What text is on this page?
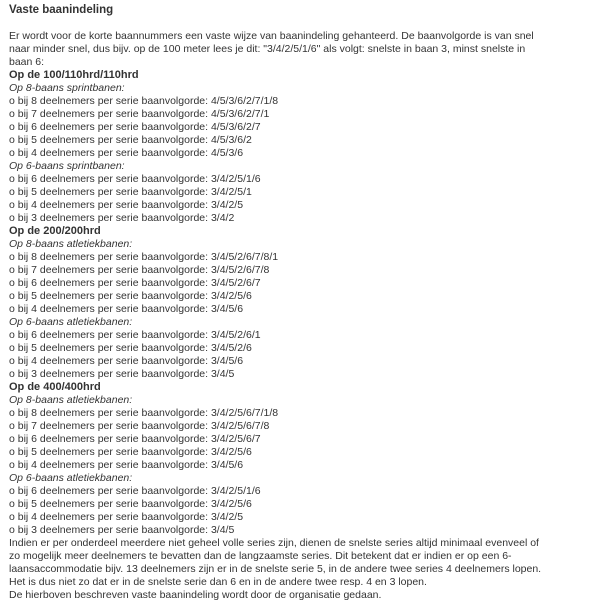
Vaste baanindeling
Er wordt voor de korte baannummers een vaste wijze van baanindeling gehanteerd. De baanvolgorde is van snel
naar minder snel, dus bijv. op de 100 meter lees je dit: "3/4/2/5/1/6" als volgt: snelste in baan 3, minst snelste in
baan 6:
Op de 100/110hrd/110hrd
Op 8-baans sprintbanen:
o bij 8 deelnemers per serie baanvolgorde: 4/5/3/6/2/7/1/8
o bij 7 deelnemers per serie baanvolgorde: 4/5/3/6/2/7/1
o bij 6 deelnemers per serie baanvolgorde: 4/5/3/6/2/7
o bij 5 deelnemers per serie baanvolgorde: 4/5/3/6/2
o bij 4 deelnemers per serie baanvolgorde: 4/5/3/6
Op 6-baans sprintbanen:
o bij 6 deelnemers per serie baanvolgorde: 3/4/2/5/1/6
o bij 5 deelnemers per serie baanvolgorde: 3/4/2/5/1
o bij 4 deelnemers per serie baanvolgorde: 3/4/2/5
o bij 3 deelnemers per serie baanvolgorde: 3/4/2
Op de 200/200hrd
Op 8-baans atletiekbanen:
o bij 8 deelnemers per serie baanvolgorde: 3/4/5/2/6/7/8/1
o bij 7 deelnemers per serie baanvolgorde: 3/4/5/2/6/7/8
o bij 6 deelnemers per serie baanvolgorde: 3/4/5/2/6/7
o bij 5 deelnemers per serie baanvolgorde: 3/4/2/5/6
o bij 4 deelnemers per serie baanvolgorde: 3/4/5/6
Op 6-baans atletiekbanen:
o bij 6 deelnemers per serie baanvolgorde: 3/4/5/2/6/1
o bij 5 deelnemers per serie baanvolgorde: 3/4/5/2/6
o bij 4 deelnemers per serie baanvolgorde: 3/4/5/6
o bij 3 deelnemers per serie baanvolgorde: 3/4/5
Op de 400/400hrd
Op 8-baans atletiekbanen:
o bij 8 deelnemers per serie baanvolgorde: 3/4/2/5/6/7/1/8
o bij 7 deelnemers per serie baanvolgorde: 3/4/2/5/6/7/8
o bij 6 deelnemers per serie baanvolgorde: 3/4/2/5/6/7
o bij 5 deelnemers per serie baanvolgorde: 3/4/2/5/6
o bij 4 deelnemers per serie baanvolgorde: 3/4/5/6
Op 6-baans atletiekbanen:
o bij 6 deelnemers per serie baanvolgorde: 3/4/2/5/1/6
o bij 5 deelnemers per serie baanvolgorde: 3/4/2/5/6
o bij 4 deelnemers per serie baanvolgorde: 3/4/2/5
o bij 3 deelnemers per serie baanvolgorde: 3/4/5
Indien er per onderdeel meerdere niet geheel volle series zijn, dienen de snelste series altijd minimaal evenveel of
zo mogelijk meer deelnemers te bevatten dan de langzaamste series. Dit betekent dat er indien er op een 6-
laansaccommodatie bijv. 13 deelnemers zijn er in de snelste serie 5, in de andere twee series 4 deelnemers lopen.
Het is dus niet zo dat er in de snelste serie dan 6 en in de andere twee resp. 4 en 3 lopen.
De hierboven beschreven vaste baanindeling wordt door de organisatie gedaan.
